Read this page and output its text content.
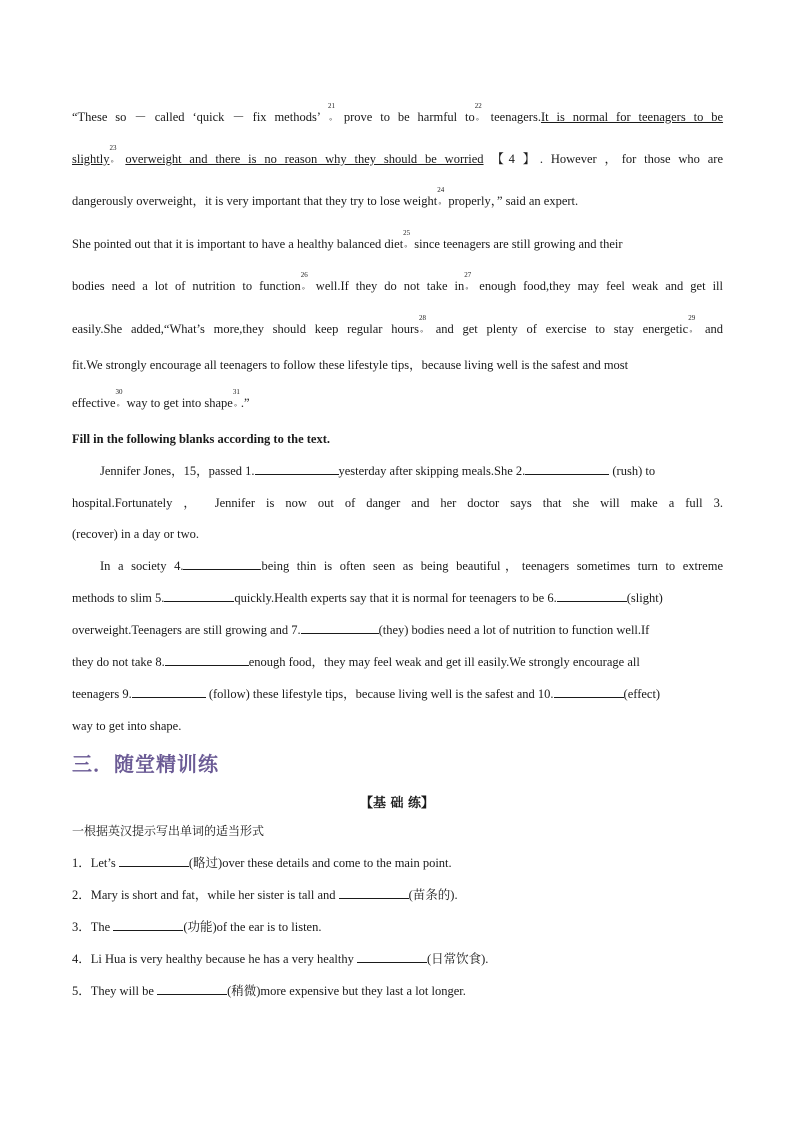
“These so － called ‘quick － fix methods’
21
◦ prove to be harmful to
22
◦ teenagers.It is normal for teenagers to be
slightly
23
◦ overweight and there is no reason why they should be worried 【4 】. However ，for those who are
dangerously overweight，it is very important that they try to lose weight
24
◦ properly，” said an expert.
She pointed out that it is important to have a healthy balanced diet
25
◦ since teenagers are still growing and their
bodies need a lot of nutrition to function
26
◦ well.If they do not take in
27
◦ enough food,they may feel weak and get ill
easily.She added,“What’s more,they should keep regular hours
28
◦ and get plenty of exercise to stay energetic
29
◦ and
fit.We strongly encourage all teenagers to follow these lifestyle tips，because living well is the safest and most
effective
30
◦ way to get into shape
31
◦ .”
Fill in the following blanks according to the text.
Jennifer Jones，15，passed 1.	yesterday after skipping meals.She 2.	(rush) to
hospital.Fortunately ， Jennifer is now out of danger and her doctor says that she will make a full 3.
(recover) in a day or two.
In a society 4.	being thin is often seen as being beautiful，teenagers sometimes turn to extreme
methods to slim 5.	quickly.Health experts say that it is normal for teenagers to be 6.	(slight)
overweight.Teenagers are still growing and 7.	(they) bodies need a lot of nutrition to function well.If
they do not take 8.	enough food，they may feel weak and get ill easily.We strongly encourage all
teenagers 9.	(follow) these lifestyle tips，because living well is the safest and 10.	(effect)
way to get into shape.
三．随堂精训练
【基 础 练】
一根据英汉提示写出单词的适当形式
1．Let’s	(略过)over these details and come to the main point.
2．Mary is short and fat，while her sister is tall and	(苗条的).
3．The	(功能)of the ear is to listen.
4．Li Hua is very healthy because he has a very healthy	(日常饮食).
5．They will be	(稍微)more expensive but they last a lot longer.
